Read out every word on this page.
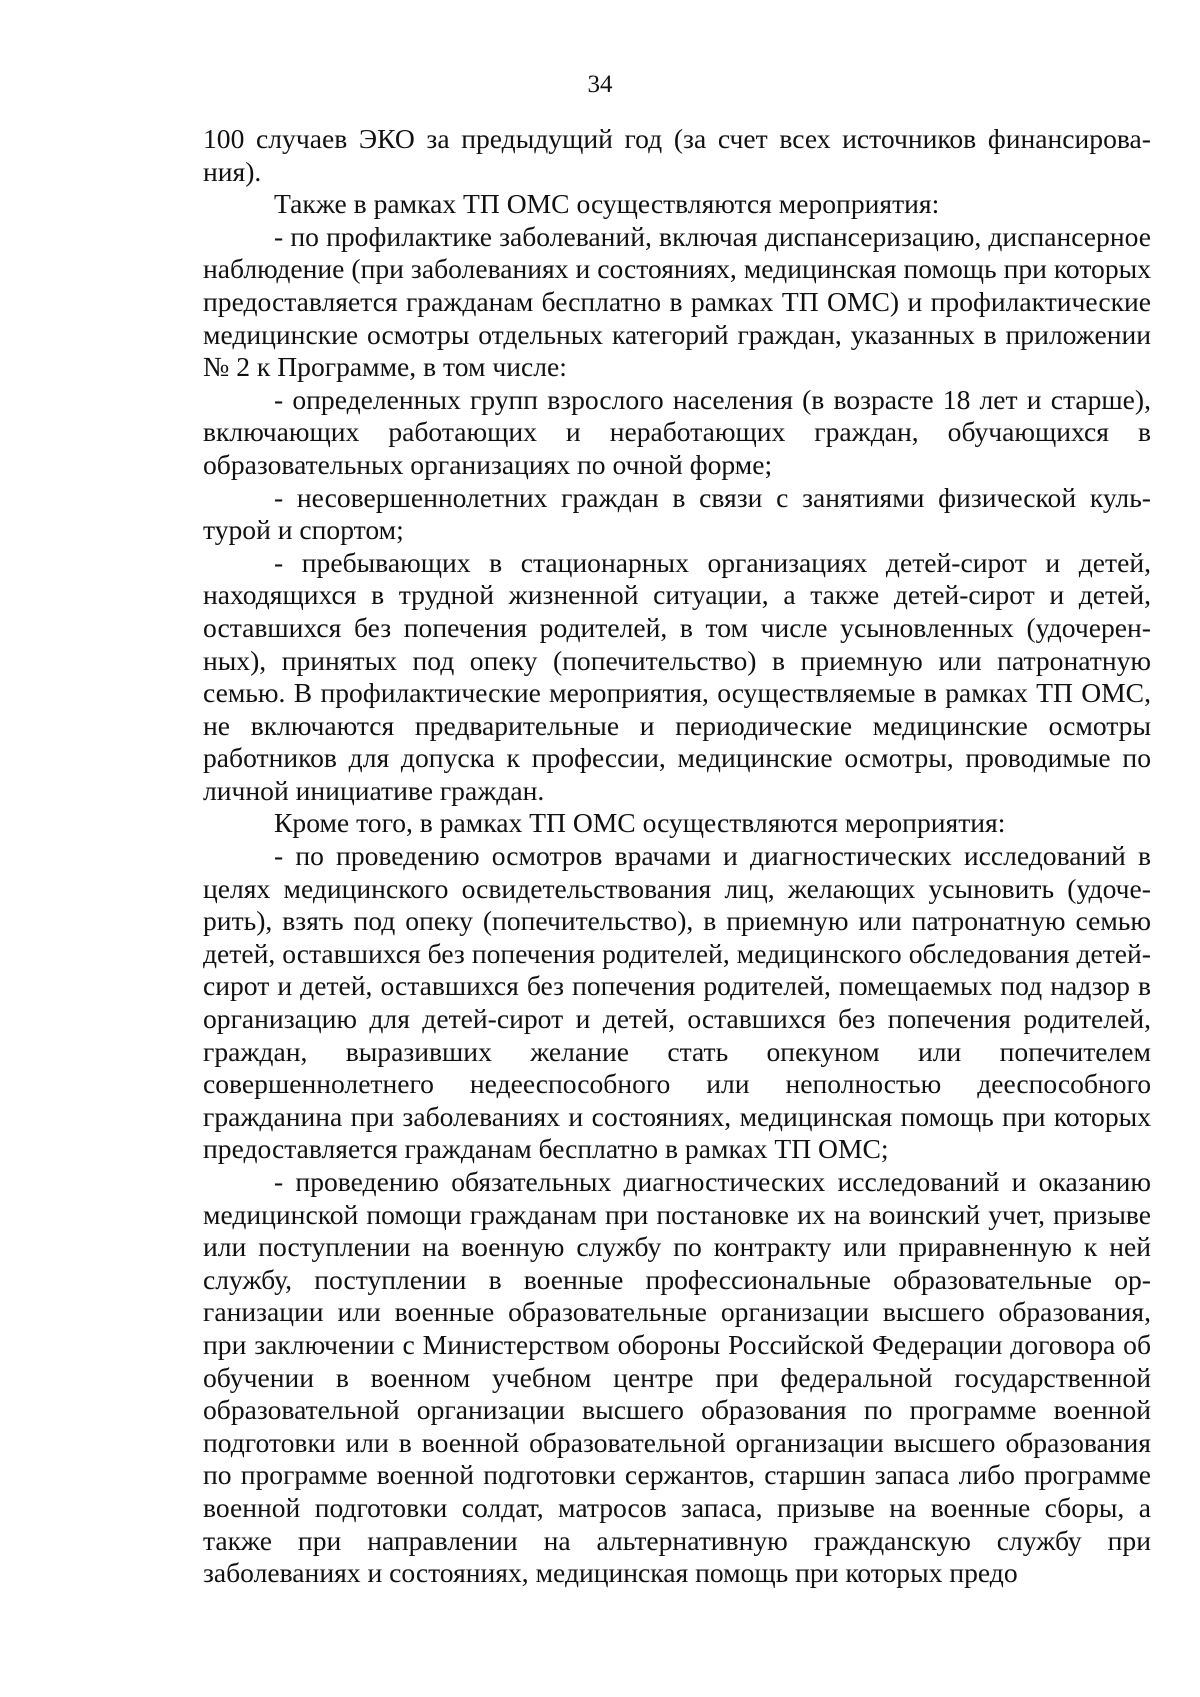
34

100 случаев ЭКО за предыдущий год (за счет всех источников финансирования).

Также в рамках ТП ОМС осуществляются мероприятия:

- по профилактике заболеваний, включая диспансеризацию, диспансерное наблюдение (при заболеваниях и состояниях, медицинская помощь при которых предоставляется гражданам бесплатно в рамках ТП ОМС) и профилактические медицинские осмотры отдельных категорий граждан, указанных в приложении № 2 к Программе, в том числе:

- определенных групп взрослого населения (в возрасте 18 лет и старше), включающих работающих и неработающих граждан, обучающихся в образовательных организациях по очной форме;

- несовершеннолетних граждан в связи с занятиями физической культурой и спортом;

- пребывающих в стационарных организациях детей-сирот и детей, находящихся в трудной жизненной ситуации, а также детей-сирот и детей, оставшихся без попечения родителей, в том числе усыновленных (удочеренных), принятых под опеку (попечительство) в приемную или патронатную семью. В профилактические мероприятия, осуществляемые в рамках ТП ОМС, не включаются предварительные и периодические медицинские осмотры работников для допуска к профессии, медицинские осмотры, проводимые по личной инициативе граждан.

Кроме того, в рамках ТП ОМС осуществляются мероприятия:

- по проведению осмотров врачами и диагностических исследований в целях медицинского освидетельствования лиц, желающих усыновить (удочерить), взять под опеку (попечительство), в приемную или патронатную семью детей, оставшихся без попечения родителей, медицинского обследования детей-сирот и детей, оставшихся без попечения родителей, помещаемых под надзор в организацию для детей-сирот и детей, оставшихся без попечения родителей, граждан, выразивших желание стать опекуном или попечителем совершеннолетнего недееспособного или неполностью дееспособного гражданина при заболеваниях и состояниях, медицинская помощь при которых предоставляется гражданам бесплатно в рамках ТП ОМС;

- проведению обязательных диагностических исследований и оказанию медицинской помощи гражданам при постановке их на воинский учет, призыве или поступлении на военную службу по контракту или приравненную к ней службу, поступлении в военные профессиональные образовательные организации или военные образовательные организации высшего образования, при заключении с Министерством обороны Российской Федерации договора об обучении в военном учебном центре при федеральной государственной образовательной организации высшего образования по программе военной подготовки или в военной образовательной организации высшего образования по программе военной подготовки сержантов, старшин запаса либо программе военной подготовки солдат, матросов запаса, призыве на военные сборы, а также при направлении на альтернативную гражданскую службу при заболеваниях и состояниях, медицинская помощь при которых предо
